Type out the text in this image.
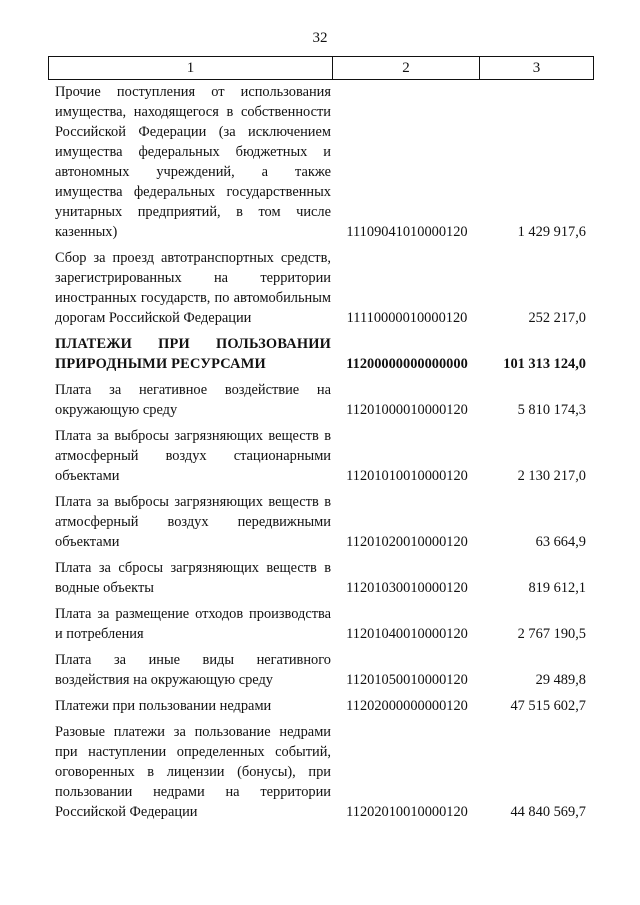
32
1	2	3
Прочие поступления от использования имущества, находящегося в собственности Российской Федерации (за исключением имущества федеральных бюджетных и автономных учреждений, а также имущества федеральных государственных унитарных предприятий, в том числе казенных)	11109041010000120	1 429 917,6
Сбор за проезд автотранспортных средств, зарегистрированных на территории иностранных государств, по автомобильным дорогам Российской Федерации	11110000010000120	252 217,0
ПЛАТЕЖИ ПРИ ПОЛЬЗОВАНИИ ПРИРОДНЫМИ РЕСУРСАМИ	11200000000000000	101 313 124,0
Плата за негативное воздействие на окружающую среду	11201000010000120	5 810 174,3
Плата за выбросы загрязняющих веществ в атмосферный воздух стационарными объектами	11201010010000120	2 130 217,0
Плата за выбросы загрязняющих веществ в атмосферный воздух передвижными объектами	11201020010000120	63 664,9
Плата за сбросы загрязняющих веществ в водные объекты	11201030010000120	819 612,1
Плата за размещение отходов производства и потребления	11201040010000120	2 767 190,5
Плата за иные виды негативного воздействия на окружающую среду	11201050010000120	29 489,8
Платежи при пользовании недрами	11202000000000120	47 515 602,7
Разовые платежи за пользование недрами при наступлении определенных событий, оговоренных в лицензии (бонусы), при пользовании недрами на территории Российской Федерации	11202010010000120	44 840 569,7
